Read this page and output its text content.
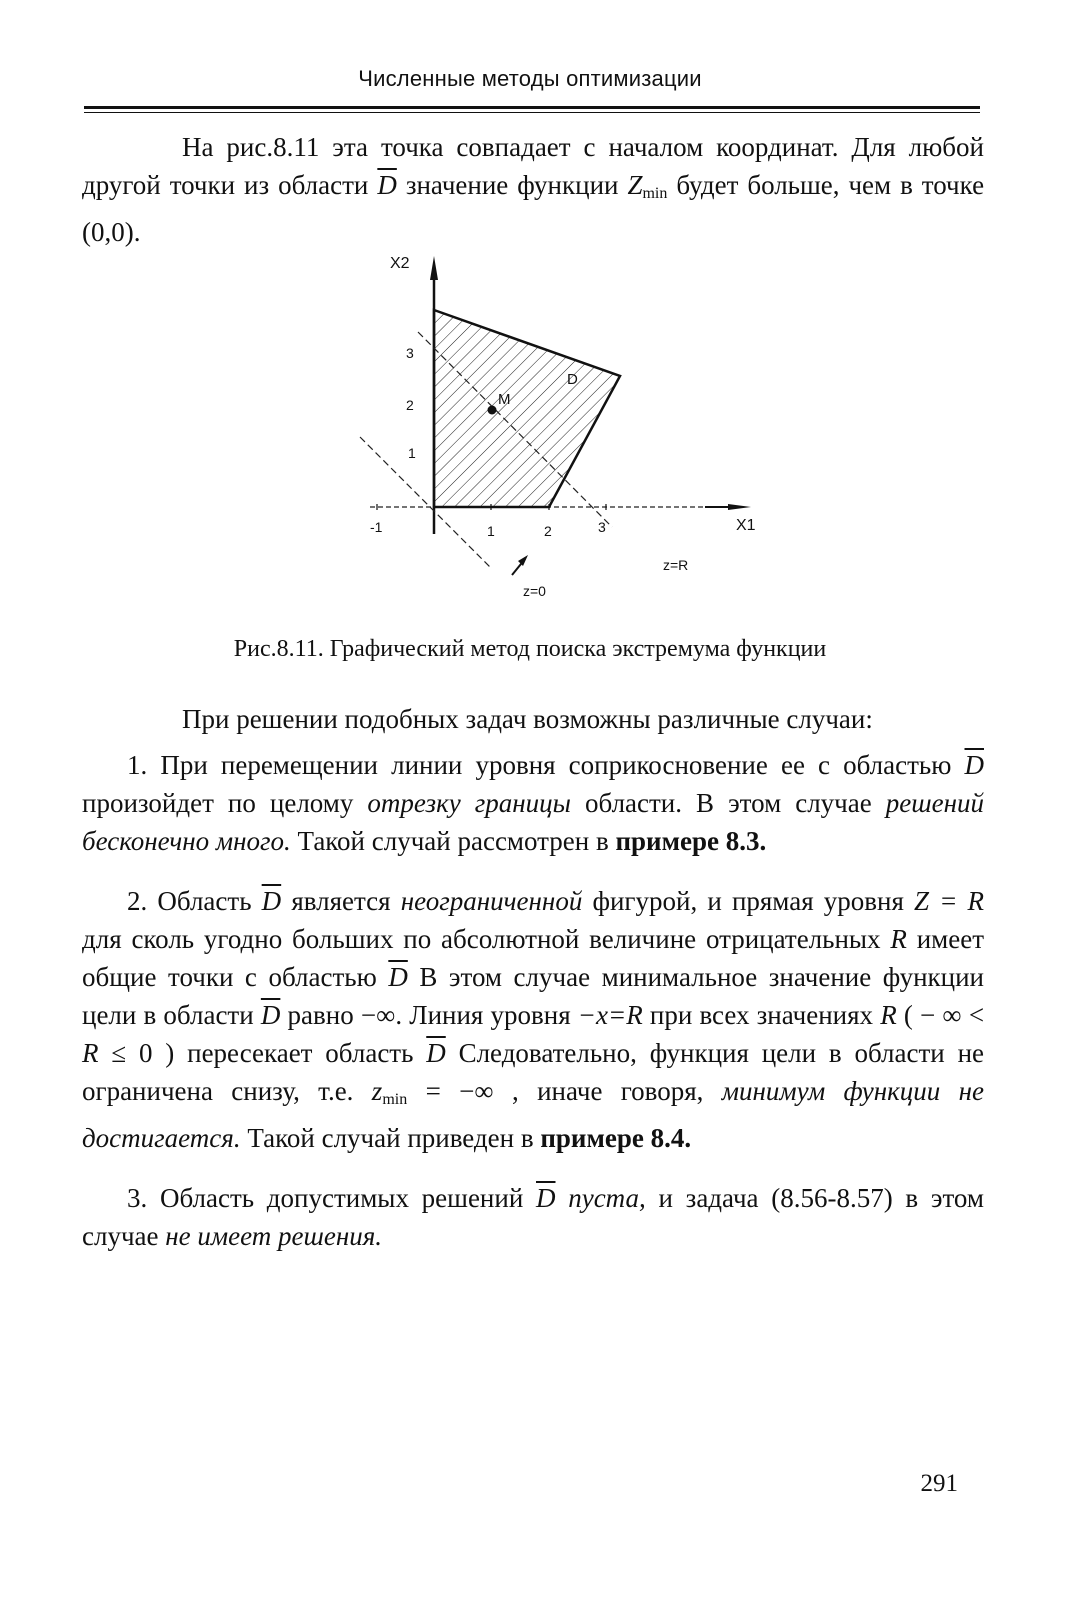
Численные методы оптимизации

На рис.8.11 эта точка совпадает с началом координат. Для любой другой точки из области $\overline{D}$ значение функции $Z_{min}$ будет больше, чем в точке (0,0).

X2
X1
D
M
-1	1	2	3
1
2
3
z=0
z=R
Рис.8.11. Графический метод поиска экстремума функции

При решении подобных задач возможны различные случаи:

1. При перемещении линии уровня соприкосновение ее с областью $\overline{D}$ произойдет по целому отрезку границы области. В этом случае решений бесконечно много. Такой случай рассмотрен в примере 8.3.

2. Область $\overline{D}$ является неограниченной фигурой, и прямая уровня Z = R для сколь угодно больших по абсолютной величине отрицательных R имеет общие точки с областью $\overline{D}$ В этом случае минимальное значение функции цели в области $\overline{D}$ равно −∞. Линия уровня −x=R при всех значениях R ( − ∞ < R ≤ 0 ) пересекает область $\overline{D}$ Следовательно, функция цели в области не ограничена снизу, т.е. $z_{min}$ = −∞ , иначе говоря, минимум функции не достигается. Такой случай приведен в примере 8.4.

3. Область допустимых решений $\overline{D}$ пуста, и задача (8.56-8.57) в этом случае не имеет решения.

291
